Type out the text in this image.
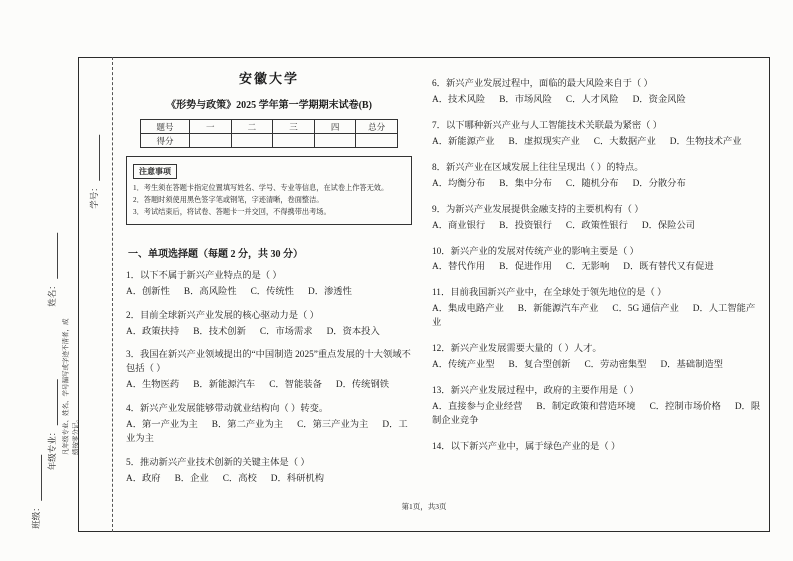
学号：
姓名：
年级专业： 凡年级专业、姓名、学号漏写或字迹不清者，成绩按零分记。
班级：
安徽大学
《形势与政策》2025 学年第一学期期末试卷(B)
题号	一	二	三	四	总分
得分					
注意事项
1．考生须在答题卡指定位置填写姓名、学号、专业等信息，在试卷上作答无效。
2．答题时须使用黑色签字笔或钢笔，字迹清晰，卷面整洁。
3．考试结束后，将试卷、答题卡一并交回，不得携带出考场。
一、单项选择题（每题 2 分，共 30 分）
1．以下不属于新兴产业特点的是（ ）
A．创新性 B．高风险性 C．传统性 D．渗透性
2．目前全球新兴产业发展的核心驱动力是（ ）
A．政策扶持 B．技术创新 C．市场需求 D．资本投入
3．我国在新兴产业领域提出的“中国制造 2025”重点发展的十大领域不包括（ ）
A．生物医药 B．新能源汽车 C．智能装备 D．传统钢铁
4．新兴产业发展能够带动就业结构向（ ）转变。
A．第一产业为主 B．第二产业为主 C．第三产业为主 D．工业为主
5．推动新兴产业技术创新的关键主体是（ ）
A．政府 B．企业 C．高校 D．科研机构
6．新兴产业发展过程中，面临的最大风险来自于（ ）
A．技术风险 B．市场风险 C．人才风险 D．资金风险
7．以下哪种新兴产业与人工智能技术关联最为紧密（ ）
A．新能源产业 B．虚拟现实产业 C．大数据产业 D．生物技术产业
8．新兴产业在区域发展上往往呈现出（ ）的特点。
A．均衡分布 B．集中分布 C．随机分布 D．分散分布
9．为新兴产业发展提供金融支持的主要机构有（ ）
A．商业银行 B．投资银行 C．政策性银行 D．保险公司
10．新兴产业的发展对传统产业的影响主要是（ ）
A．替代作用 B．促进作用 C．无影响 D．既有替代又有促进
11．目前我国新兴产业中，在全球处于领先地位的是（ ）
A．集成电路产业 B．新能源汽车产业 C．5G 通信产业 D．人工智能产业
12．新兴产业发展需要大量的（ ）人才。
A．传统产业型 B．复合型创新 C．劳动密集型 D．基础制造型
13．新兴产业发展过程中，政府的主要作用是（ ）
A．直接参与企业经营 B．制定政策和营造环境 C．控制市场价格 D．限制企业竞争
14．以下新兴产业中，属于绿色产业的是（ ）
第1页，共3页
